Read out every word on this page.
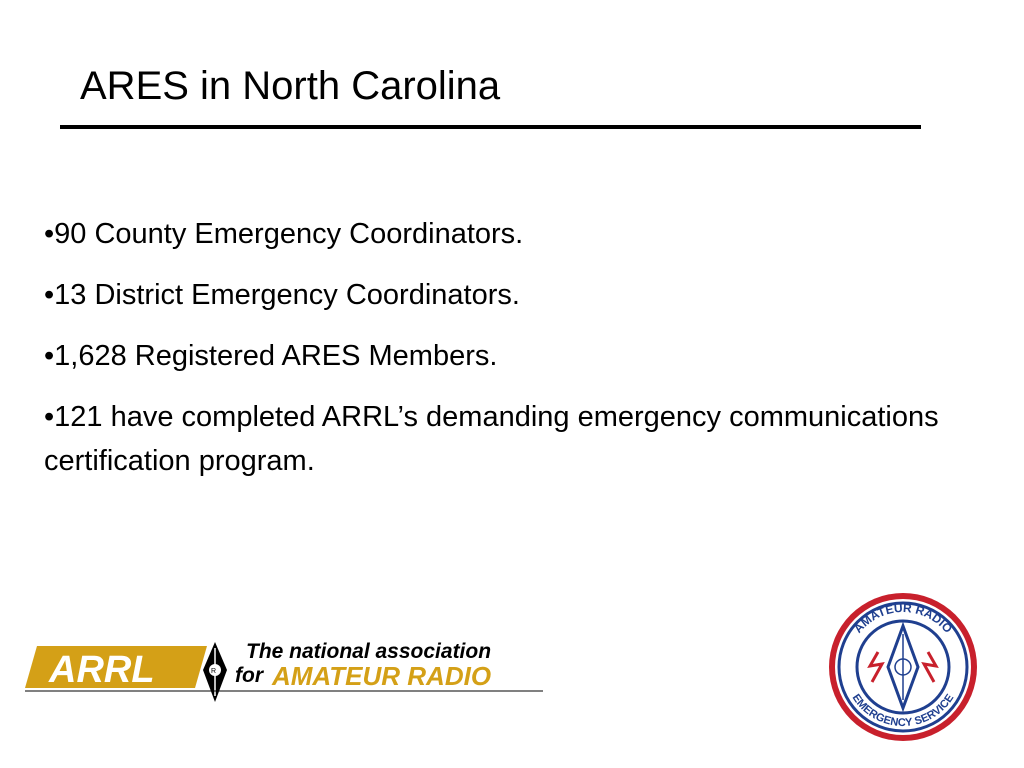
ARES in North Carolina
•90 County Emergency Coordinators.
•13 District Emergency Coordinators.
•1,628 Registered ARES Members.
•121 have completed ARRL’s demanding emergency communications certification program.
ARRL	R
The national association
for AMATEUR RADIO
AMATEUR RADIO
EMERGENCY SERVICE
